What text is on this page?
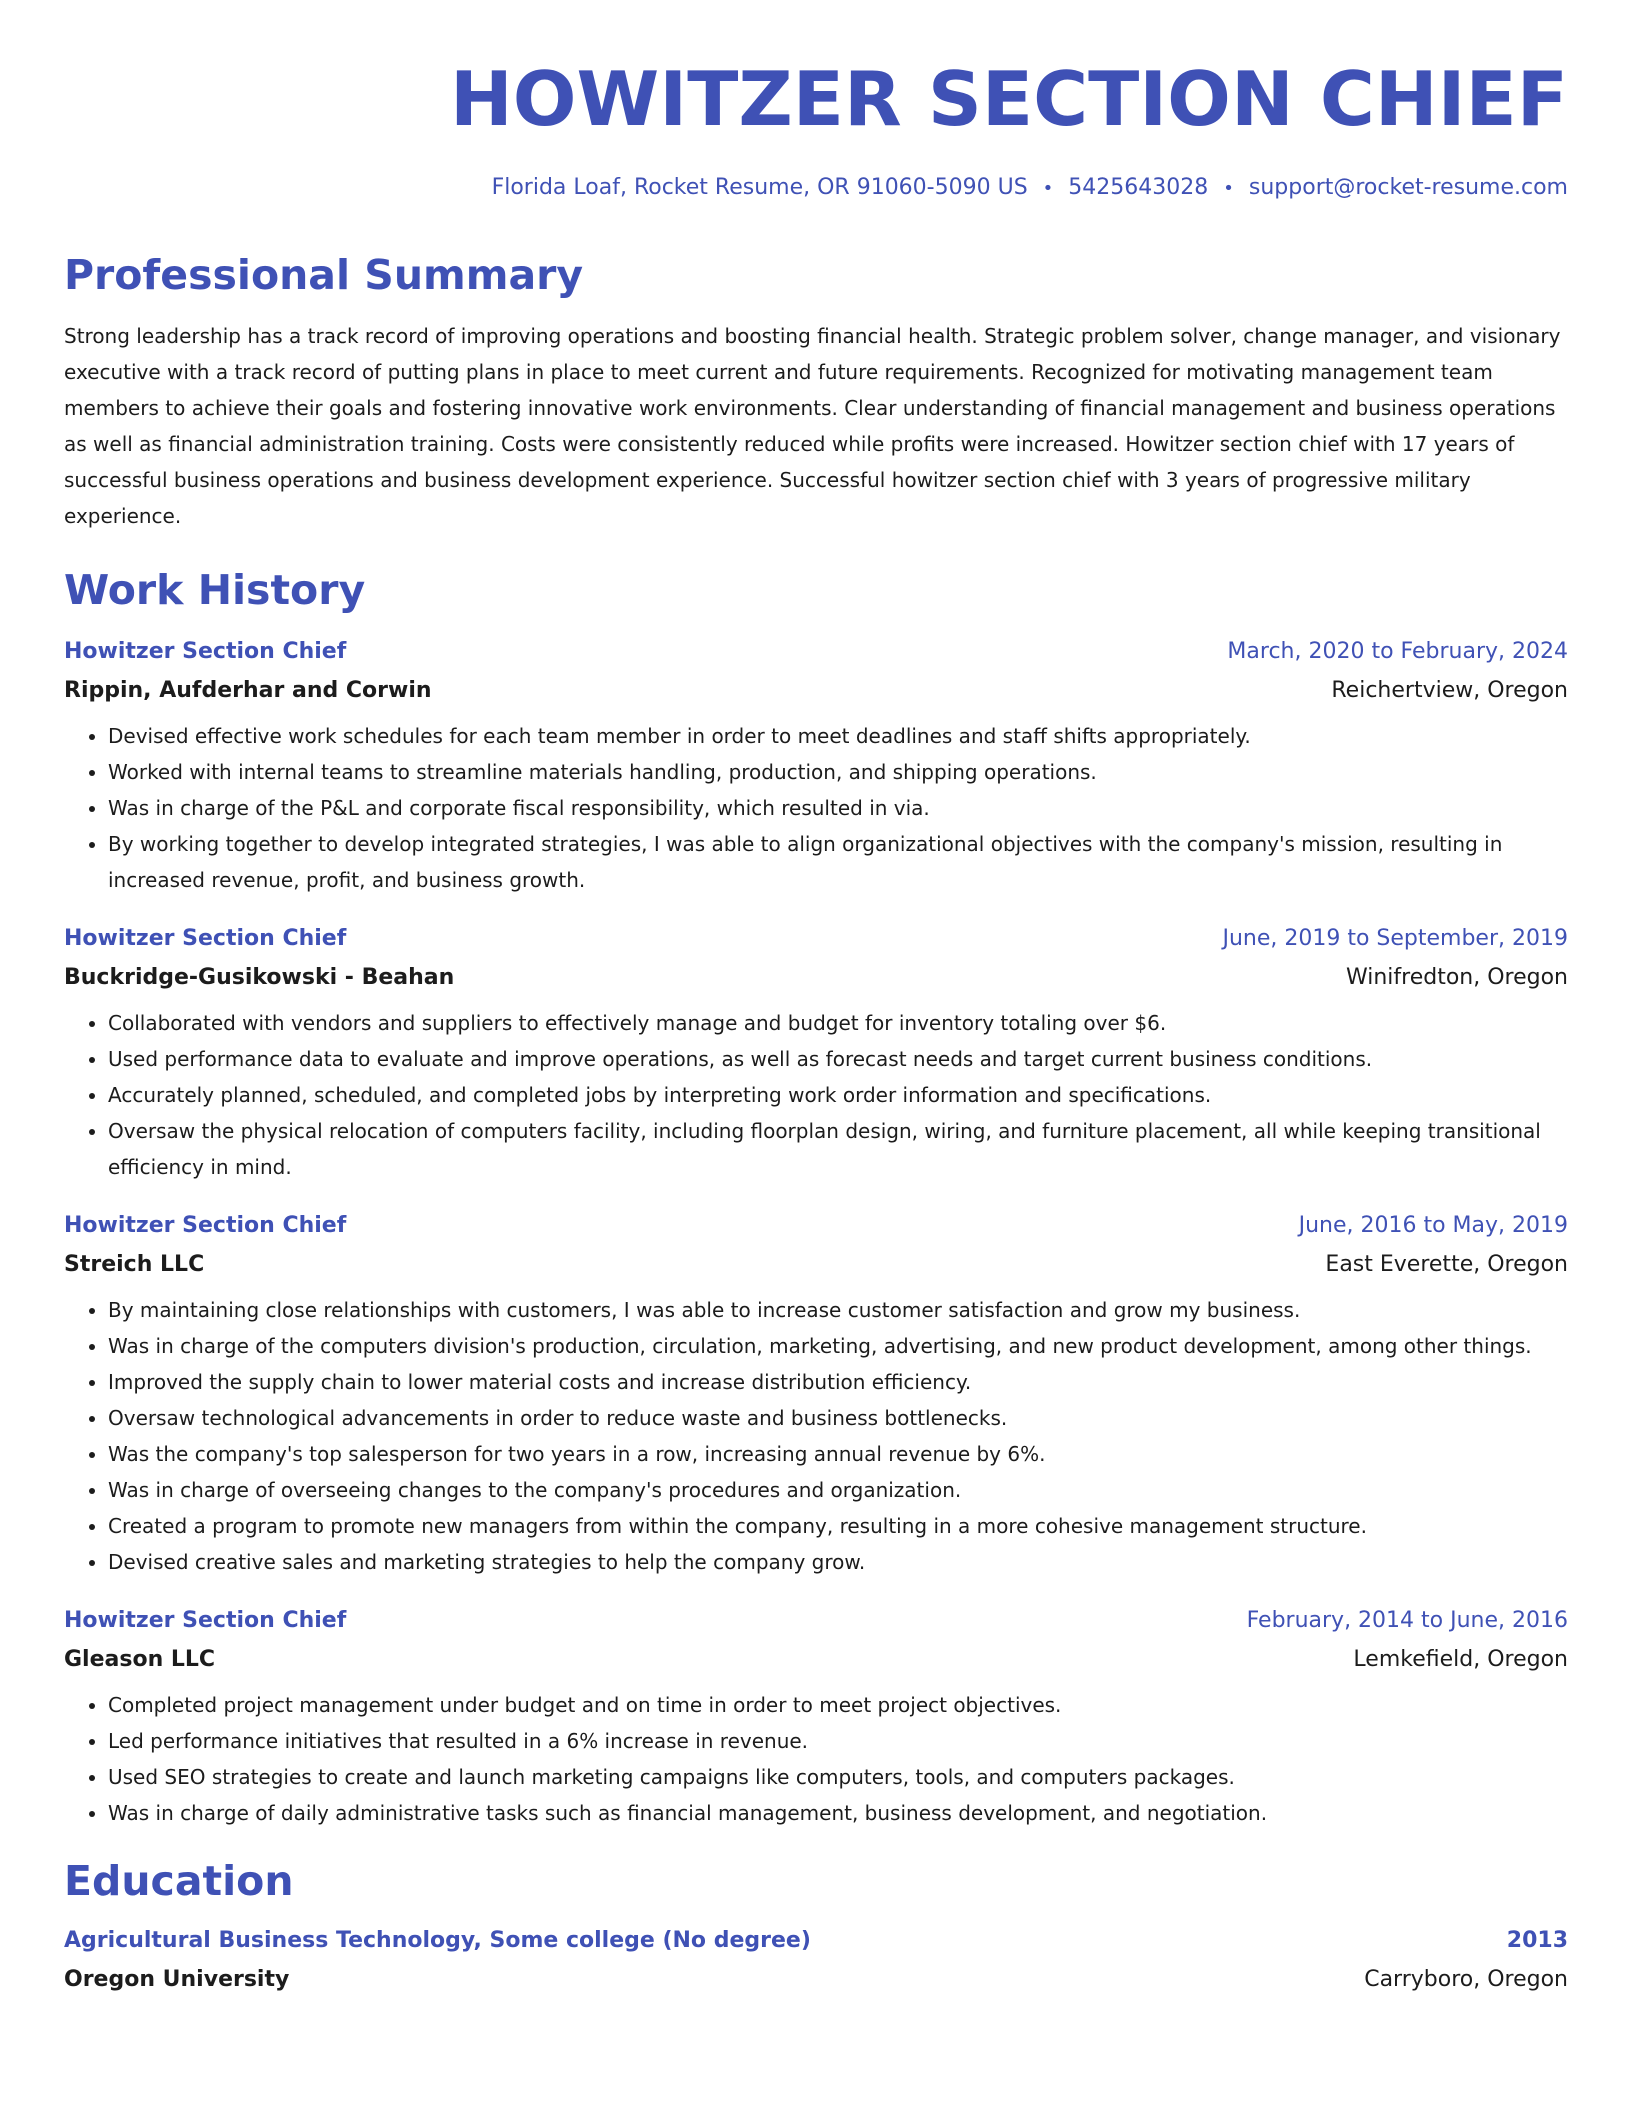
HOWITZER SECTION CHIEF
Florida Loaf, Rocket Resume, OR 91060-5090 US • 5425643028 • support@rocket-resume.com
Professional Summary

Strong leadership has a track record of improving operations and boosting financial health. Strategic problem solver, change manager, and visionary executive with a track record of putting plans in place to meet current and future requirements. Recognized for motivating management team members to achieve their goals and fostering innovative work environments. Clear understanding of financial management and business operations as well as financial administration training. Costs were consistently reduced while profits were increased. Howitzer section chief with 17 years of successful business operations and business development experience. Successful howitzer section chief with 3 years of progressive military experience.

Work History
Howitzer Section Chief	March, 2020 to February, 2024
Rippin, Aufderhar and Corwin	Reichertview, Oregon
• Devised effective work schedules for each team member in order to meet deadlines and staff shifts appropriately.
• Worked with internal teams to streamline materials handling, production, and shipping operations.
• Was in charge of the P&L and corporate fiscal responsibility, which resulted in via.
• By working together to develop integrated strategies, I was able to align organizational objectives with the company's mission, resulting in increased revenue, profit, and business growth.
Howitzer Section Chief	June, 2019 to September, 2019
Buckridge-Gusikowski - Beahan	Winifredton, Oregon
• Collaborated with vendors and suppliers to effectively manage and budget for inventory totaling over $6.
• Used performance data to evaluate and improve operations, as well as forecast needs and target current business conditions.
• Accurately planned, scheduled, and completed jobs by interpreting work order information and specifications.
• Oversaw the physical relocation of computers facility, including floorplan design, wiring, and furniture placement, all while keeping transitional efficiency in mind.
Howitzer Section Chief	June, 2016 to May, 2019
Streich LLC	East Everette, Oregon
• By maintaining close relationships with customers, I was able to increase customer satisfaction and grow my business.
• Was in charge of the computers division's production, circulation, marketing, advertising, and new product development, among other things.
• Improved the supply chain to lower material costs and increase distribution efficiency.
• Oversaw technological advancements in order to reduce waste and business bottlenecks.
• Was the company's top salesperson for two years in a row, increasing annual revenue by 6%.
• Was in charge of overseeing changes to the company's procedures and organization.
• Created a program to promote new managers from within the company, resulting in a more cohesive management structure.
• Devised creative sales and marketing strategies to help the company grow.
Howitzer Section Chief	February, 2014 to June, 2016
Gleason LLC	Lemkefield, Oregon
• Completed project management under budget and on time in order to meet project objectives.
• Led performance initiatives that resulted in a 6% increase in revenue.
• Used SEO strategies to create and launch marketing campaigns like computers, tools, and computers packages.
• Was in charge of daily administrative tasks such as financial management, business development, and negotiation.
Education
Agricultural Business Technology, Some college (No degree)	2013
Oregon University	Carryboro, Oregon
